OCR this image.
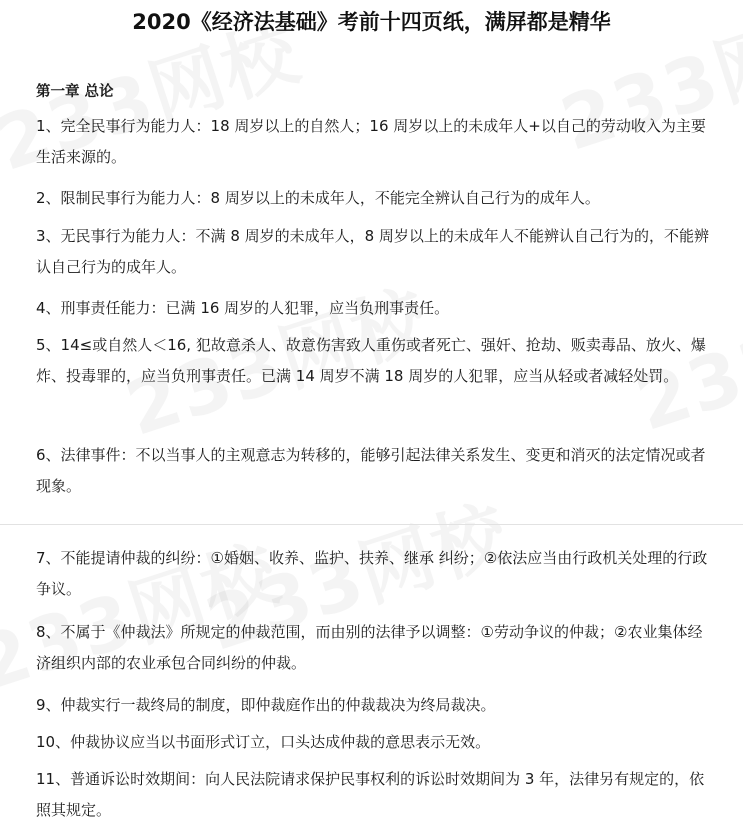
2020《经济法基础》考前十四页纸，满屏都是精华
第一章 总论

1、完全民事行为能力人：18 周岁以上的自然人；16 周岁以上的未成年人+以自己的劳动收入为主要生活来源的。

2、限制民事行为能力人：8 周岁以上的未成年人，不能完全辨认自己行为的成年人。

3、无民事行为能力人：不满 8 周岁的未成年人，8 周岁以上的未成年人不能辨认自己行为的，不能辨认自己行为的成年人。

4、刑事责任能力：已满 16 周岁的人犯罪，应当负刑事责任。

5、14≤或自然人＜16, 犯故意杀人、故意伤害致人重伤或者死亡、强奸、抢劫、贩卖毒品、放火、爆炸、投毒罪的，应当负刑事责任。已满 14 周岁不满 18 周岁的人犯罪，应当从轻或者减轻处罚。

6、法律事件：不以当事人的主观意志为转移的，能够引起法律关系发生、变更和消灭的法定情况或者现象。

7、不能提请仲裁的纠纷：①婚姻、收养、监护、扶养、继承 纠纷；②依法应当由行政机关处理的行政争议。

8、不属于《仲裁法》所规定的仲裁范围，而由别的法律予以调整：①劳动争议的仲裁；②农业集体经济组织内部的农业承包合同纠纷的仲裁。

9、仲裁实行一裁终局的制度，即仲裁庭作出的仲裁裁决为终局裁决。

10、仲裁协议应当以书面形式订立，口头达成仲裁的意思表示无效。

11、普通诉讼时效期间：向人民法院请求保护民事权利的诉讼时效期间为 3 年，法律另有规定的，依照其规定。
